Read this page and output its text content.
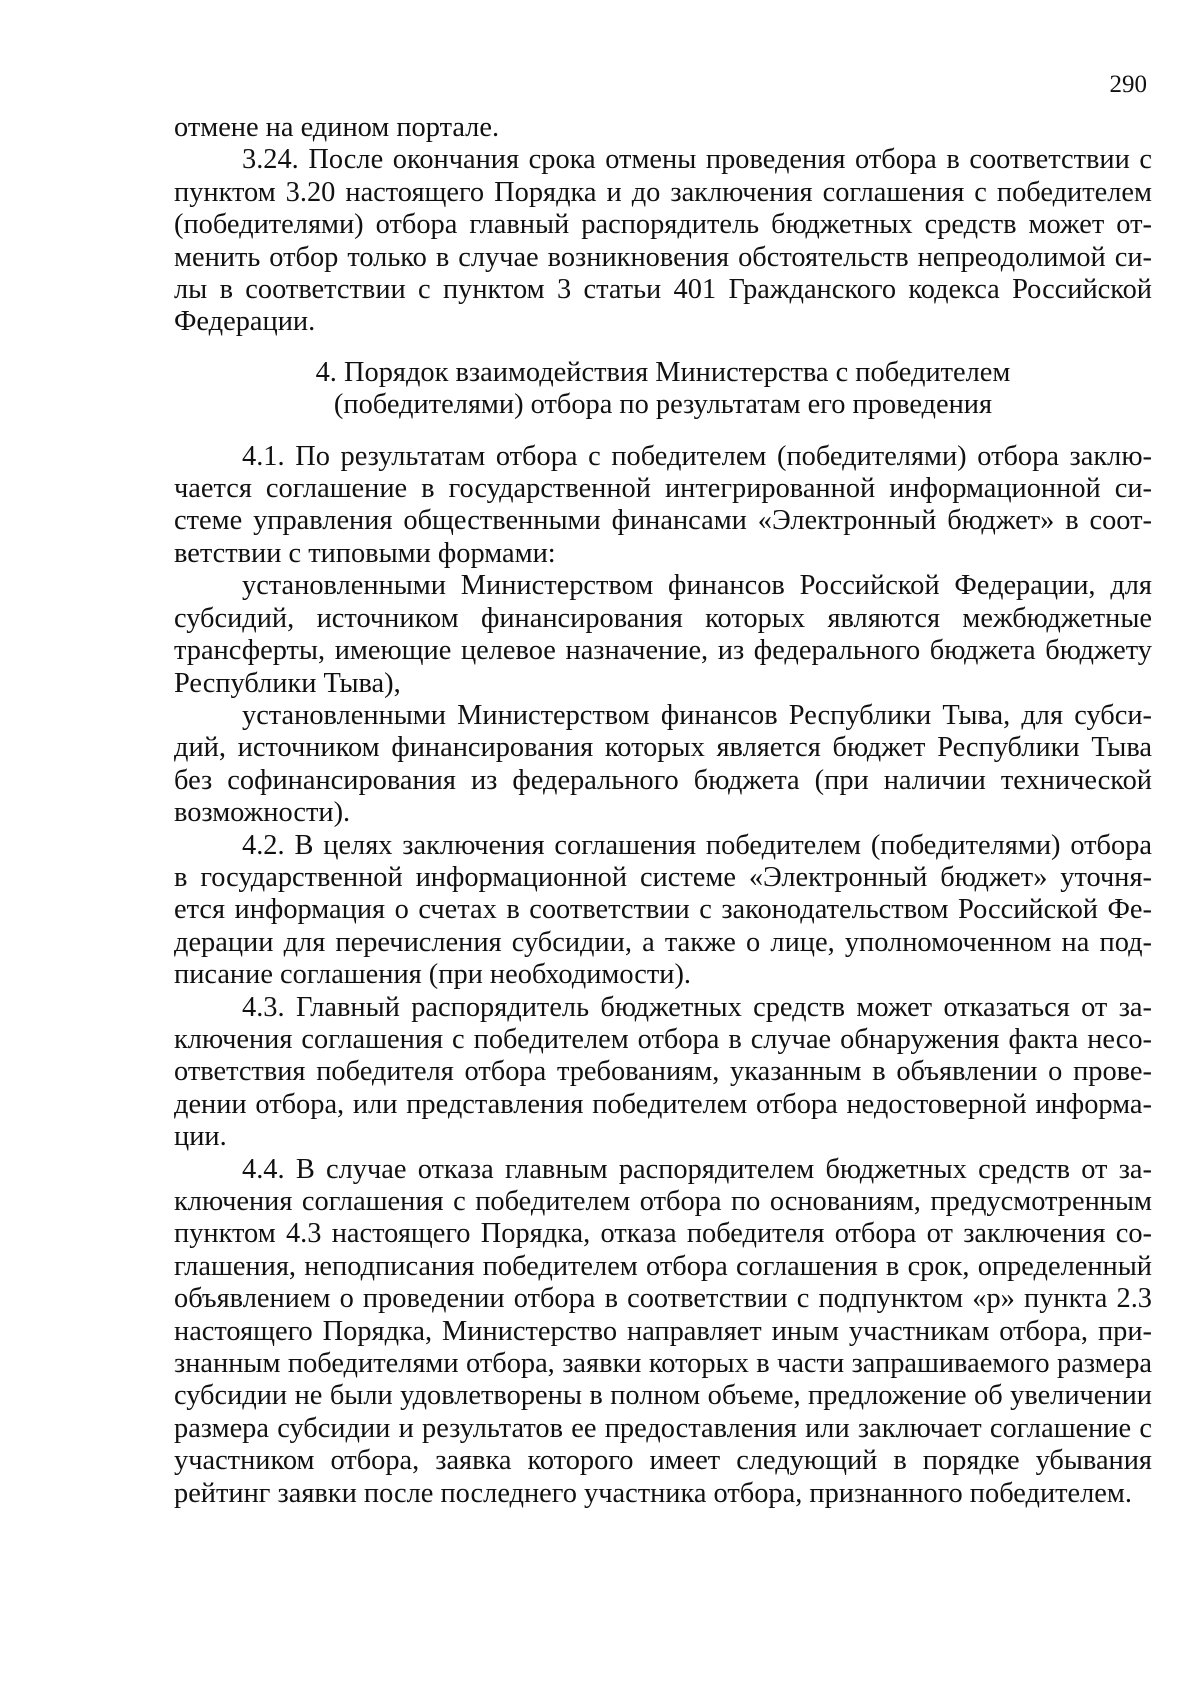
290

отмене на едином портале.

3.24. После окончания срока отмены проведения отбора в соответствии с пунктом 3.20 настоящего Порядка и до заключения соглашения с победителем (победителями) отбора главный распорядитель бюджетных средств может отменить отбор только в случае возникновения обстоятельств непреодолимой силы в соответствии с пунктом 3 статьи 401 Гражданского кодекса Российской Федерации.

4. Порядок взаимодействия Министерства с победителем
(победителями) отбора по результатам его проведения

4.1. По результатам отбора с победителем (победителями) отбора заключается соглашение в государственной интегрированной информационной системе управления общественными финансами «Электронный бюджет» в соответствии с типовыми формами:

установленными Министерством финансов Российской Федерации, для субсидий, источником финансирования которых являются межбюджетные трансферты, имеющие целевое назначение, из федерального бюджета бюджету Республики Тыва),

установленными Министерством финансов Республики Тыва, для субсидий, источником финансирования которых является бюджет Республики Тыва без софинансирования из федерального бюджета (при наличии технической возможности).

4.2. В целях заключения соглашения победителем (победителями) отбора в государственной информационной системе «Электронный бюджет» уточняется информация о счетах в соответствии с законодательством Российской Федерации для перечисления субсидии, а также о лице, уполномоченном на подписание соглашения (при необходимости).

4.3. Главный распорядитель бюджетных средств может отказаться от заключения соглашения с победителем отбора в случае обнаружения факта несоответствия победителя отбора требованиям, указанным в объявлении о проведении отбора, или представления победителем отбора недостоверной информации.

4.4. В случае отказа главным распорядителем бюджетных средств от заключения соглашения с победителем отбора по основаниям, предусмотренным пунктом 4.3 настоящего Порядка, отказа победителя отбора от заключения соглашения, неподписания победителем отбора соглашения в срок, определенный объявлением о проведении отбора в соответствии с подпунктом «р» пункта 2.3 настоящего Порядка, Министерство направляет иным участникам отбора, признанным победителями отбора, заявки которых в части запрашиваемого размера субсидии не были удовлетворены в полном объеме, предложение об увеличении размера субсидии и результатов ее предоставления или заключает соглашение с участником отбора, заявка которого имеет следующий в порядке убывания рейтинг заявки после последнего участника отбора, признанного победителем.
